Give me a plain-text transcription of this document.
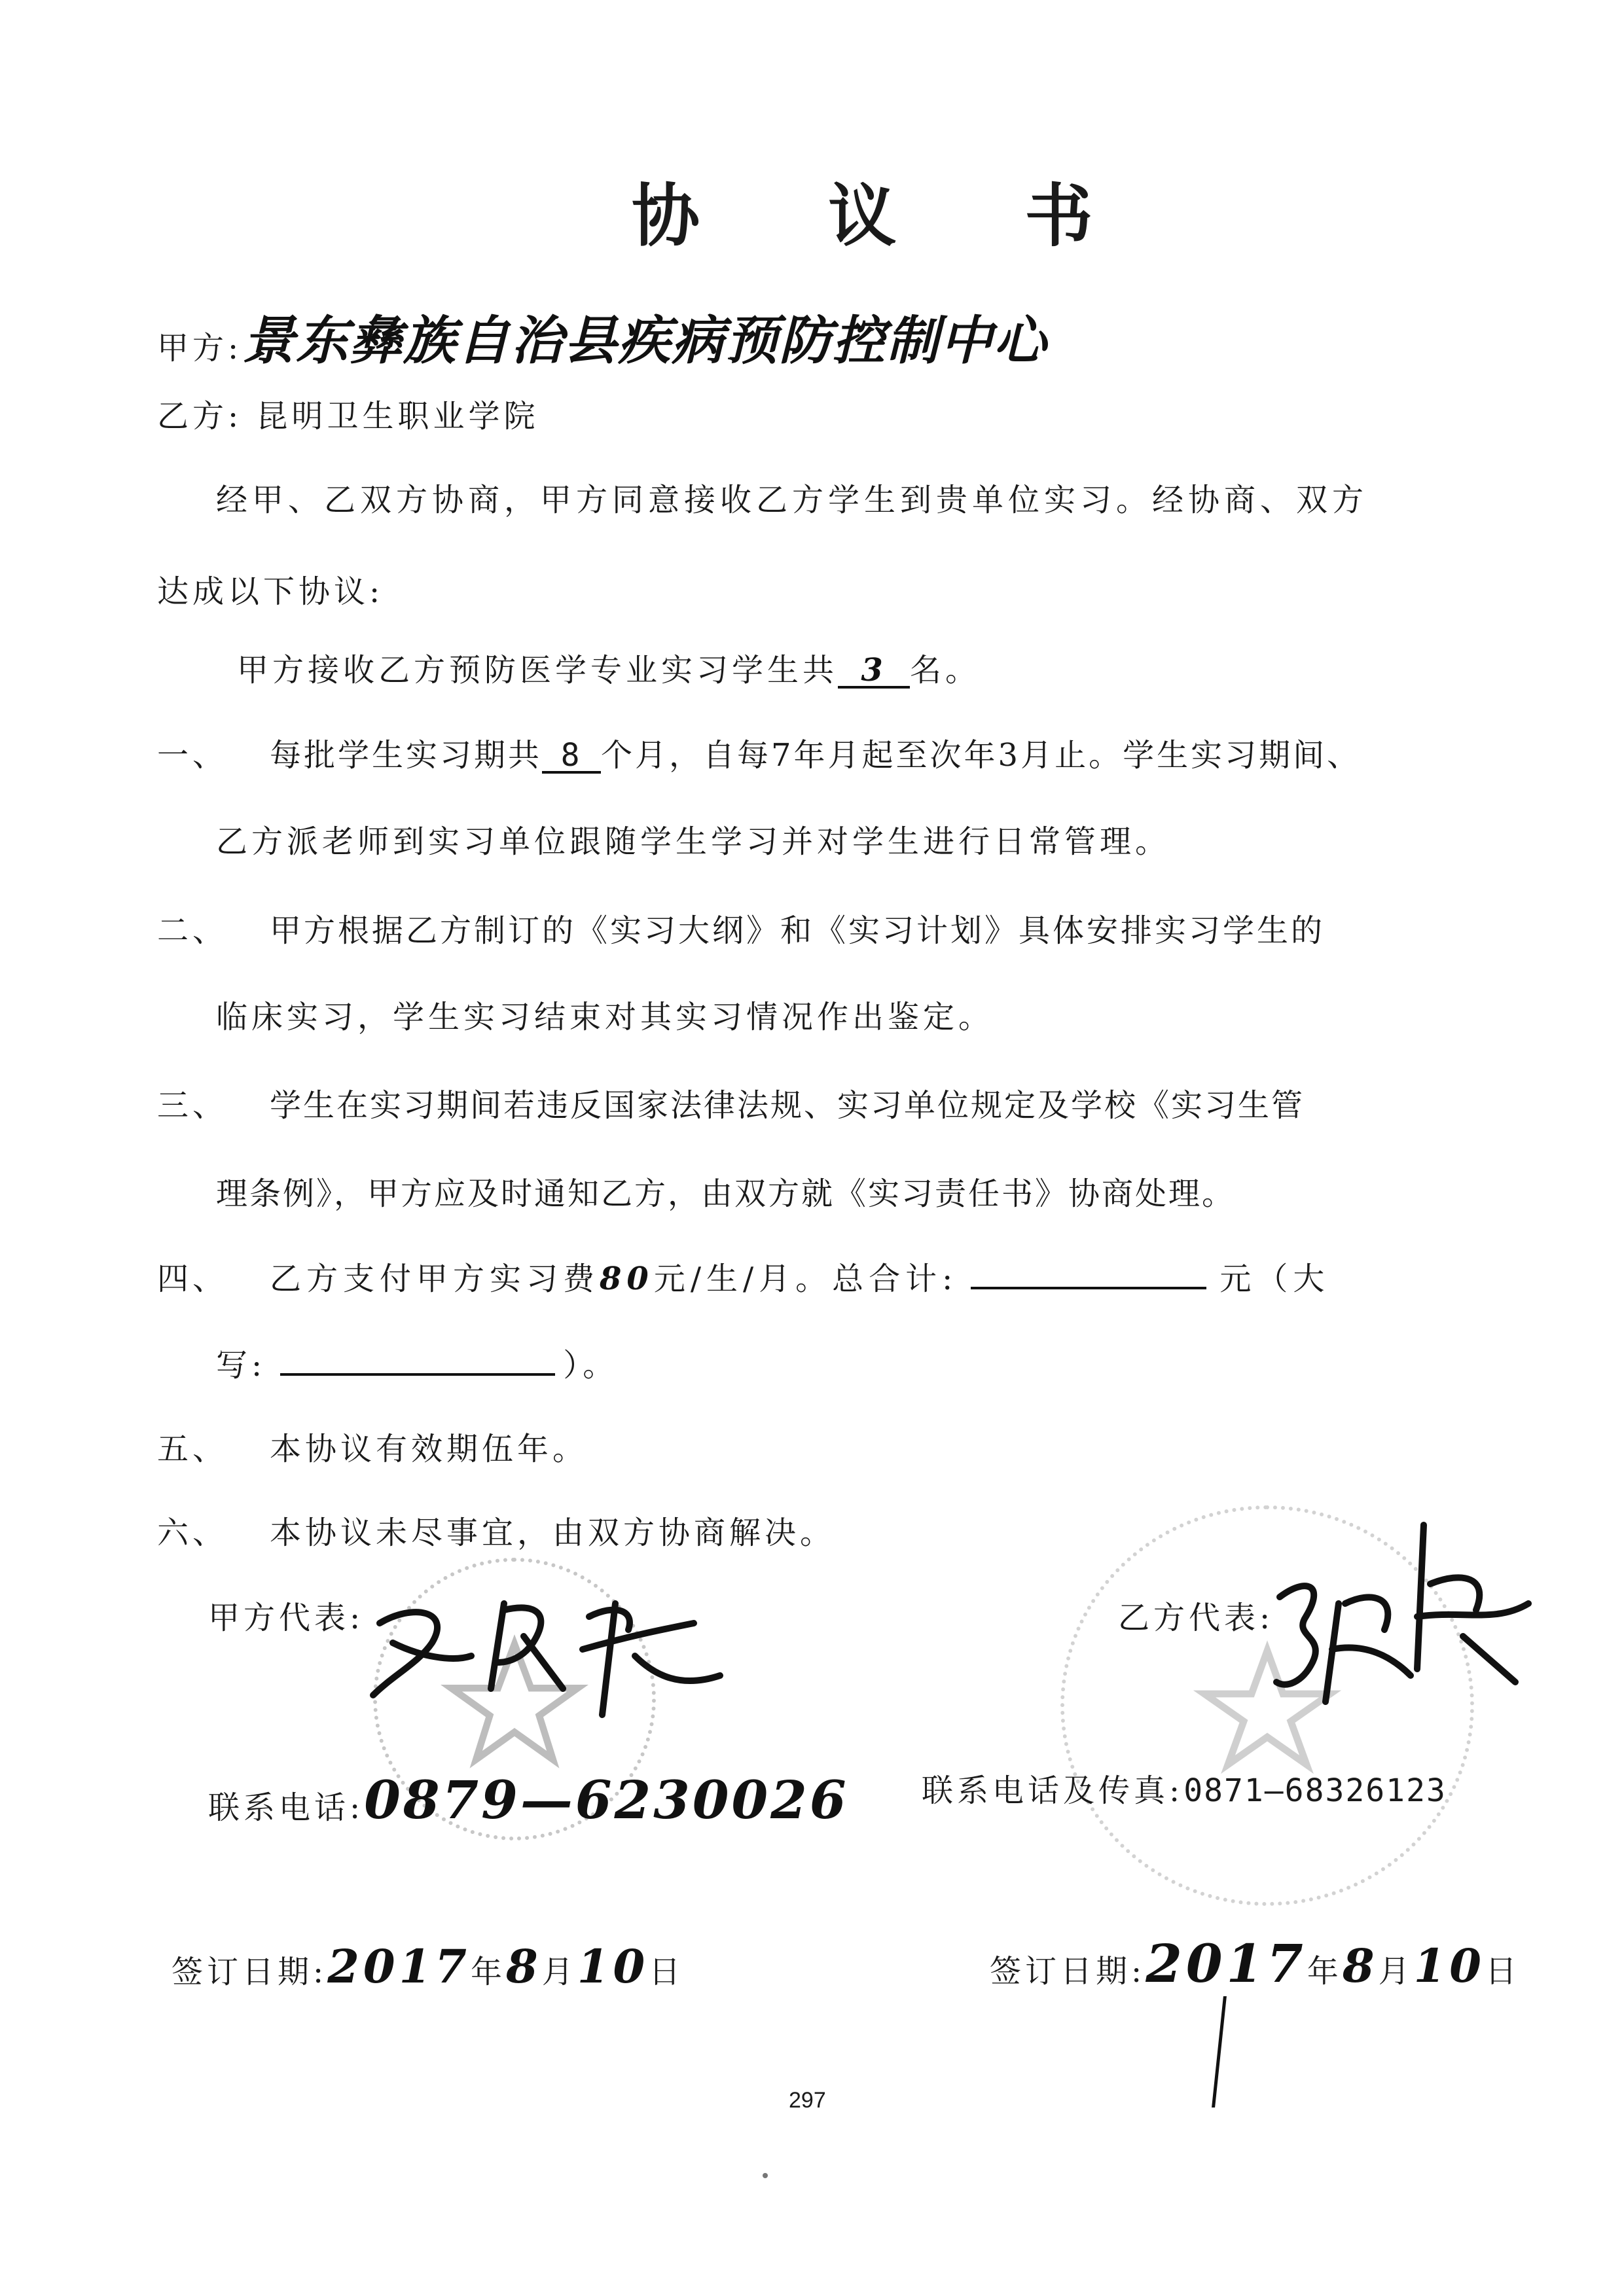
协 议 书
甲方:景东彝族自治县疾病预防控制中心
乙方: 昆明卫生职业学院
经甲、乙双方协商，甲方同意接收乙方学生到贵单位实习。经协商、双方
达成以下协议:
甲方接收乙方预防医学专业实习学生共 3 名。
一、 每批学生实习期共 8 个月，自每7年月起至次年3月止。学生实习期间、
乙方派老师到实习单位跟随学生学习并对学生进行日常管理。
二、 甲方根据乙方制订的《实习大纲》和《实习计划》具体安排实习学生的
临床实习，学生实习结束对其实习情况作出鉴定。
三、 学生在实习期间若违反国家法律法规、实习单位规定及学校《实习生管
理条例》，甲方应及时通知乙方，由双方就《实习责任书》协商处理。
四、 乙方支付甲方实习费80元/生/月。总合计:	元（大
写:	）。
五、 本协议有效期伍年。
六、 本协议未尽事宜，由双方协商解决。
甲方代表:
联系电话:0879—6230026
签订日期:2017年8月10日
乙方代表:
联系电话及传真:0871—68326123
签订日期:2017年8月10日
297
